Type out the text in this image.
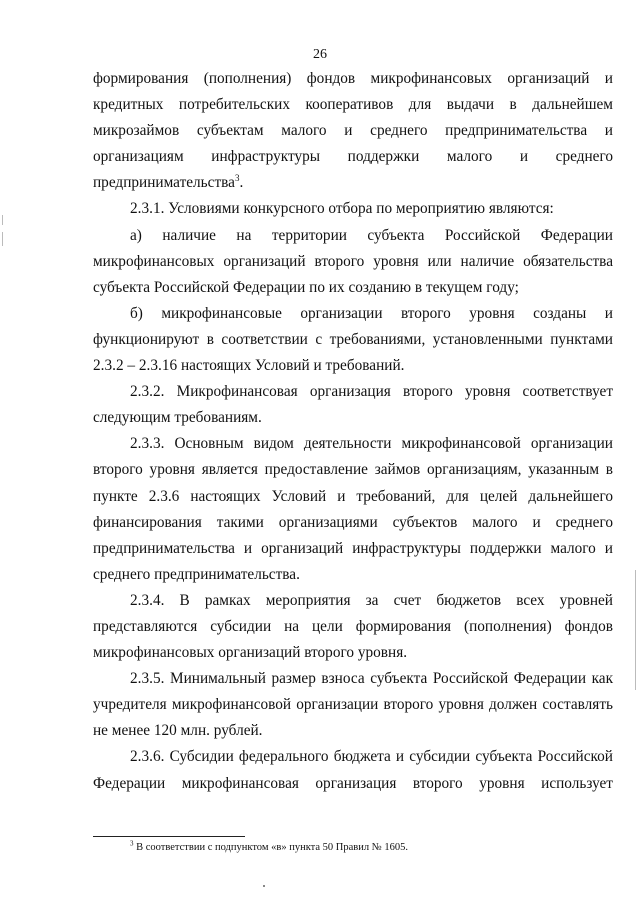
26

формирования (пополнения) фондов микрофинансовых организаций и кредитных потребительских кооперативов для выдачи в дальнейшем микрозаймов субъектам малого и среднего предпринимательства и организациям инфраструктуры поддержки малого и среднего предпринимательства$^3$.

2.3.1. Условиями конкурсного отбора по мероприятию являются:

а) наличие на территории субъекта Российской Федерации микрофинансовых организаций второго уровня или наличие обязательства субъекта Российской Федерации по их созданию в текущем году;

б) микрофинансовые организации второго уровня созданы и функционируют в соответствии с требованиями, установленными пунктами 2.3.2 – 2.3.16 настоящих Условий и требований.

2.3.2. Микрофинансовая организация второго уровня соответствует следующим требованиям.

2.3.3. Основным видом деятельности микрофинансовой организации второго уровня является предоставление займов организациям, указанным в пункте 2.3.6 настоящих Условий и требований, для целей дальнейшего финансирования такими организациями субъектов малого и среднего предпринимательства и организаций инфраструктуры поддержки малого и среднего предпринимательства.

2.3.4. В рамках мероприятия за счет бюджетов всех уровней представляются субсидии на цели формирования (пополнения) фондов микрофинансовых организаций второго уровня.

2.3.5. Минимальный размер взноса субъекта Российской Федерации как учредителя микрофинансовой организации второго уровня должен составлять не менее 120 млн. рублей.

2.3.6. Субсидии федерального бюджета и субсидии субъекта Российской Федерации микрофинансовая организация второго уровня использует

$^3$ В соответствии с подпунктом «в» пункта 50 Правил № 1605.
